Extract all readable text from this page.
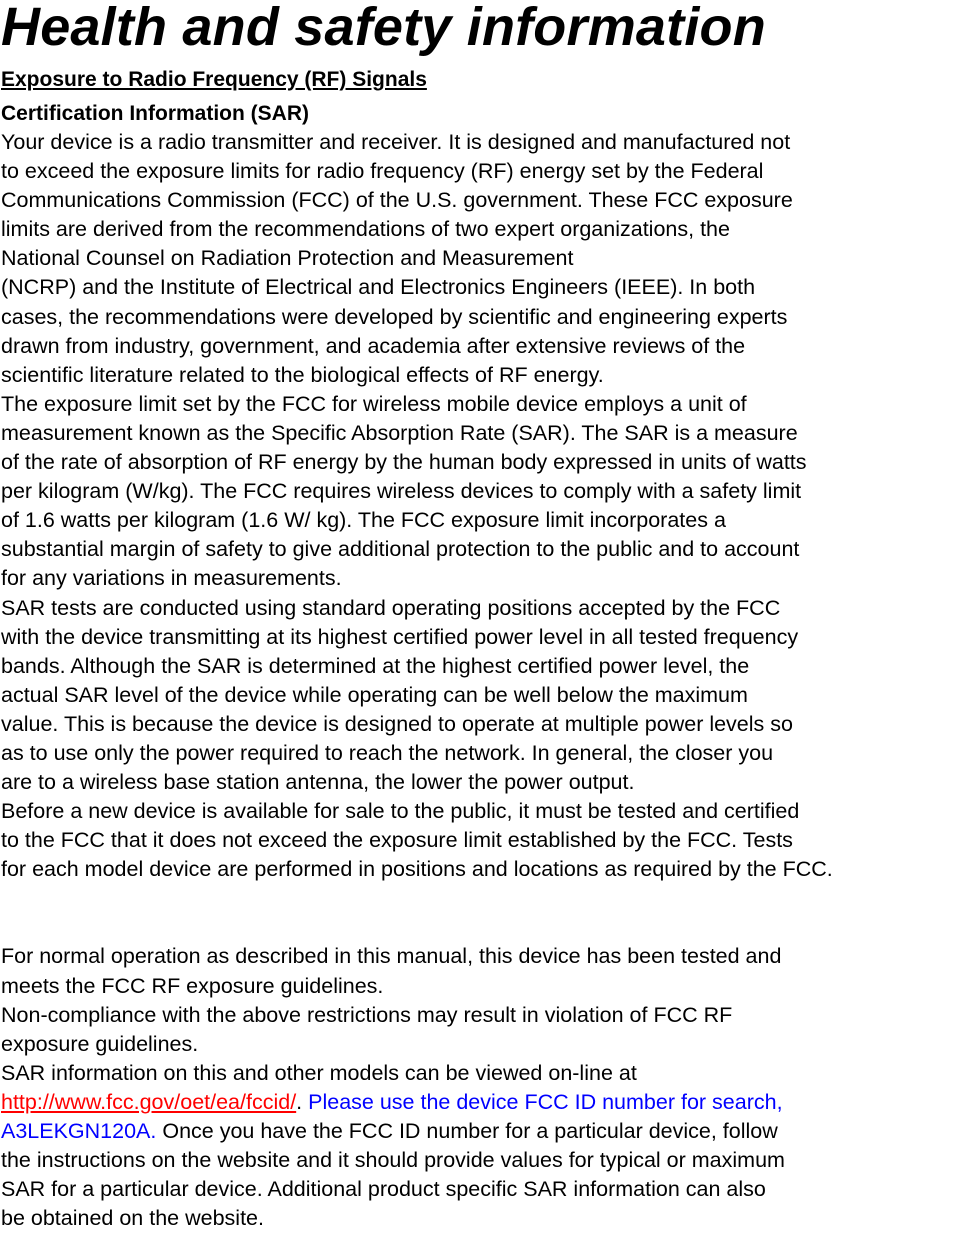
Health and safety information
Exposure to Radio Frequency (RF) Signals
Certification Information (SAR)
Your device is a radio transmitter and receiver. It is designed and manufactured not
to exceed the exposure limits for radio frequency (RF) energy set by the Federal
Communications Commission (FCC) of the U.S. government. These FCC exposure
limits are derived from the recommendations of two expert organizations, the
National Counsel on Radiation Protection and Measurement
(NCRP) and the Institute of Electrical and Electronics Engineers (IEEE). In both
cases, the recommendations were developed by scientific and engineering experts
drawn from industry, government, and academia after extensive reviews of the
scientific literature related to the biological effects of RF energy.
The exposure limit set by the FCC for wireless mobile device employs a unit of
measurement known as the Specific Absorption Rate (SAR). The SAR is a measure
of the rate of absorption of RF energy by the human body expressed in units of watts
per kilogram (W/kg). The FCC requires wireless devices to comply with a safety limit
of 1.6 watts per kilogram (1.6 W/ kg). The FCC exposure limit incorporates a
substantial margin of safety to give additional protection to the public and to account
for any variations in measurements.
SAR tests are conducted using standard operating positions accepted by the FCC
with the device transmitting at its highest certified power level in all tested frequency
bands. Although the SAR is determined at the highest certified power level, the
actual SAR level of the device while operating can be well below the maximum
value. This is because the device is designed to operate at multiple power levels so
as to use only the power required to reach the network. In general, the closer you
are to a wireless base station antenna, the lower the power output.
Before a new device is available for sale to the public, it must be tested and certified
to the FCC that it does not exceed the exposure limit established by the FCC. Tests
for each model device are performed in positions and locations as required by the FCC.
For normal operation as described in this manual, this device has been tested and
meets the FCC RF exposure guidelines.
Non-compliance with the above restrictions may result in violation of FCC RF
exposure guidelines.
SAR information on this and other models can be viewed on-line at
http://www.fcc.gov/oet/ea/fccid/. Please use the device FCC ID number for search,
A3LEKGN120A. Once you have the FCC ID number for a particular device, follow
the instructions on the website and it should provide values for typical or maximum
SAR for a particular device. Additional product specific SAR information can also
be obtained on the website.
